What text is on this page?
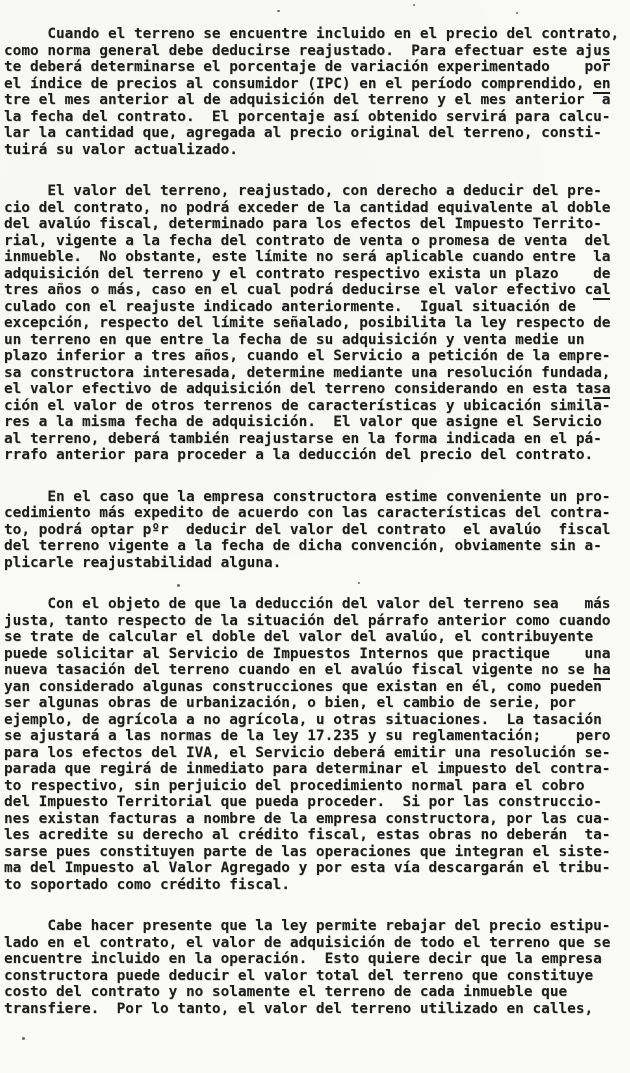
Cuando el terreno se encuentre incluido en el precio del contrato,
como norma general debe deducirse reajustado.  Para efectuar este ajus
te deberá determinarse el porcentaje de variación experimentado    por
el índice de precios al consumidor (IPC) en el período comprendido, en
tre el mes anterior al de adquisición del terreno y el mes anterior  a
la fecha del contrato.  El porcentaje así obtenido servirá para calcu-
lar la cantidad que, agregada al precio original del terreno, consti-
tuirá su valor actualizado.
El valor del terreno, reajustado, con derecho a deducir del pre-
cio del contrato, no podrá exceder de la cantidad equivalente al doble
del avalúo fiscal, determinado para los efectos del Impuesto Territo-
rial, vigente a la fecha del contrato de venta o promesa de venta  del
inmueble.  No obstante, este límite no será aplicable cuando entre  la
adquisición del terreno y el contrato respectivo exista un plazo    de
tres años o más, caso en el cual podrá deducirse el valor efectivo cal
culado con el reajuste indicado anteriormente.  Igual situación de
excepción, respecto del límite señalado, posibilita la ley respecto de
un terreno en que entre la fecha de su adquisición y venta medie un
plazo inferior a tres años, cuando el Servicio a petición de la empre-
sa constructora interesada, determine mediante una resolución fundada,
el valor efectivo de adquisición del terreno considerando en esta tasa
ción el valor de otros terrenos de características y ubicación simila-
res a la misma fecha de adquisición.  El valor que asigne el Servicio
al terreno, deberá también reajustarse en la forma indicada en el pá-
rrafo anterior para proceder a la deducción del precio del contrato.
En el caso que la empresa constructora estime conveniente un pro-
cedimiento más expedito de acuerdo con las características del contra-
to, podrá optar pºr  deducir del valor del contrato  el avalúo  fiscal
del terreno vigente a la fecha de dicha convención, obviamente sin a-
plicarle reajustabilidad alguna.
Con el objeto de que la deducción del valor del terreno sea   más
justa, tanto respecto de la situación del párrafo anterior como cuando
se trate de calcular el doble del valor del avalúo, el contribuyente
puede solicitar al Servicio de Impuestos Internos que practique    una
nueva tasación del terreno cuando en el avalúo fiscal vigente no se ha
yan considerado algunas construcciones que existan en él, como pueden
ser algunas obras de urbanización, o bien, el cambio de serie, por
ejemplo, de agrícola a no agrícola, u otras situaciones.  La tasación
se ajustará a las normas de la ley 17.235 y su reglamentación;    pero
para los efectos del IVA, el Servicio deberá emitir una resolución se-
parada que regirá de inmediato para determinar el impuesto del contra-
to respectivo, sin perjuicio del procedimiento normal para el cobro
del Impuesto Territorial que pueda proceder.  Si por las construccio-
nes existan facturas a nombre de la empresa constructora, por las cua-
les acredite su derecho al crédito fiscal, estas obras no deberán  ta-
sarse pues constituyen parte de las operaciones que integran el siste-
ma del Impuesto al Valor Agregado y por esta vía descargarán el tribu-
to soportado como crédito fiscal.
Cabe hacer presente que la ley permite rebajar del precio estipu-
lado en el contrato, el valor de adquisición de todo el terreno que se
encuentre incluido en la operación.  Esto quiere decir que la empresa
constructora puede deducir el valor total del terreno que constituye
costo del contrato y no solamente el terreno de cada inmueble que
transfiere.  Por lo tanto, el valor del terreno utilizado en calles,
